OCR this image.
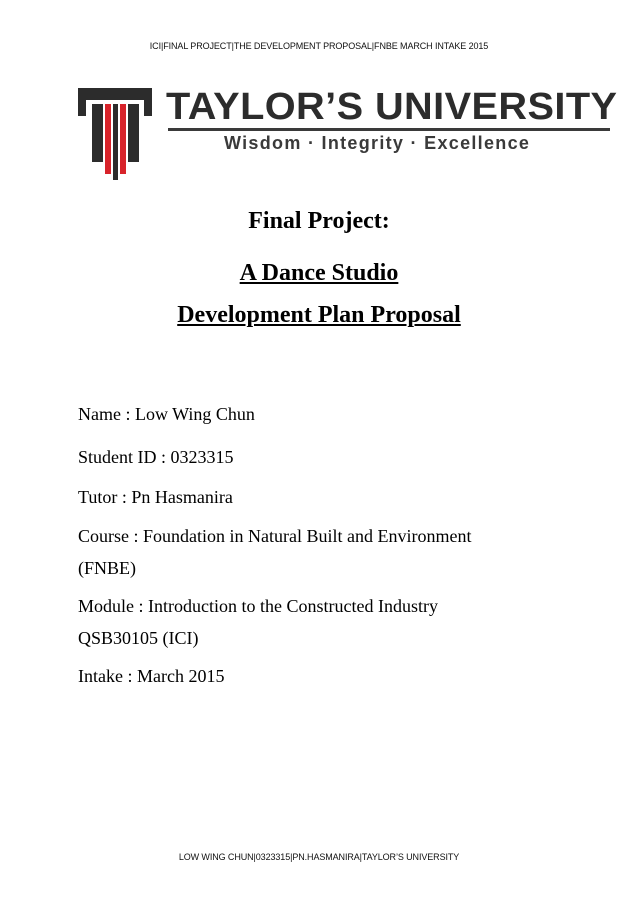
ICI|FINAL PROJECT|THE DEVELOPMENT PROPOSAL|FNBE MARCH INTAKE 2015
TAYLOR’S UNIVERSITY
Wisdom · Integrity · Excellence
Final Project:
A Dance Studio
Development Plan Proposal
Name : Low Wing Chun
Student ID : 0323315
Tutor : Pn Hasmanira
Course : Foundation in Natural Built and Environment
(FNBE)
Module : Introduction to the Constructed Industry
QSB30105 (ICI)
Intake : March 2015
LOW WING CHUN|0323315|PN.HASMANIRA|TAYLOR’S UNIVERSITY
